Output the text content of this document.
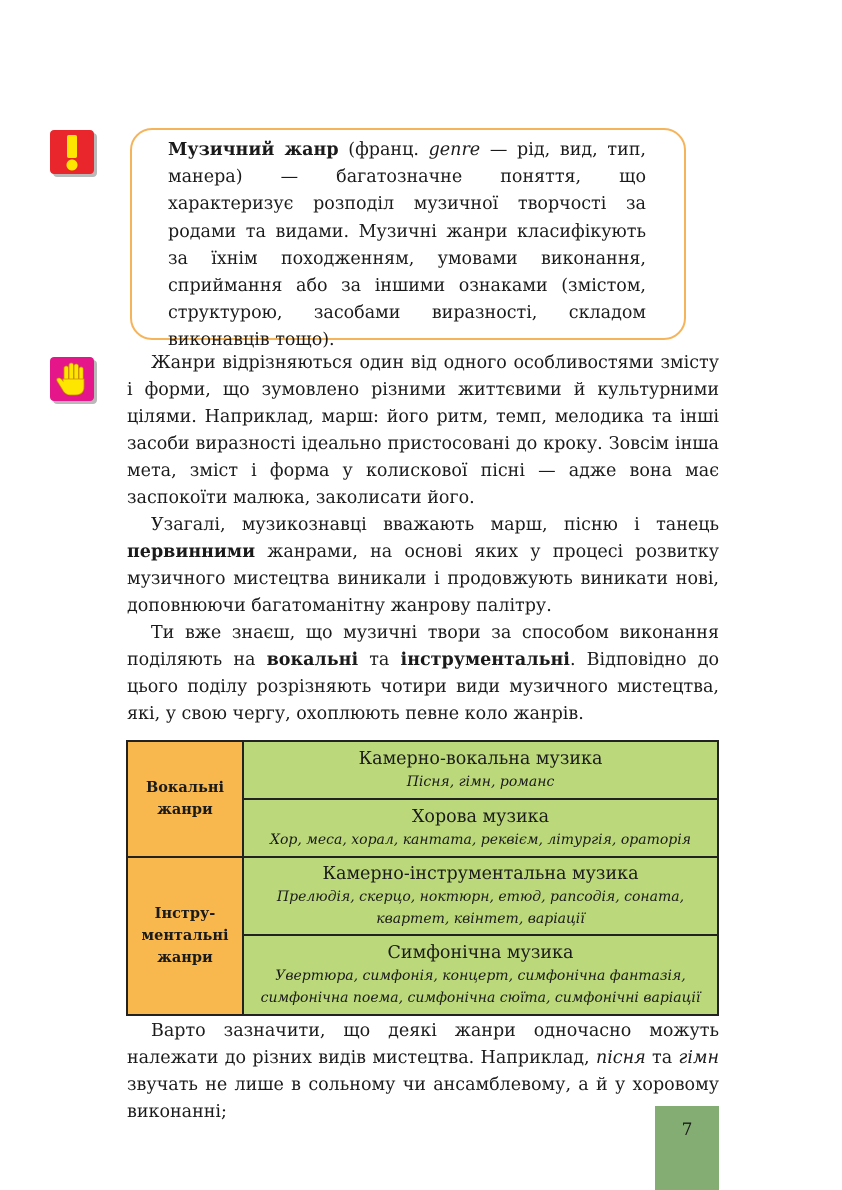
Музичний жанр (франц. genre — рід, вид, тип, манера) — багатозначне поняття, що характеризує розподіл музичної творчості за родами та видами. Музичні жанри класифікують за їхнім походженням, умовами виконання, сприймання або за іншими ознаками (змістом, структурою, засобами виразності, складом виконавців тощо).

Жанри відрізняються один від одного особливостями змісту і форми, що зумовлено різними життєвими й культурними цілями. Наприклад, марш: його ритм, темп, мелодика та інші засоби виразності ідеально пристосовані до кроку. Зовсім інша мета, зміст і форма у колискової пісні — адже вона має заспокоїти малюка, заколисати його.

Узагалі, музикознавці вважають марш, пісню і танець первинними жанрами, на основі яких у процесі розвитку музичного мистецтва виникали і продовжують виникати нові, доповнюючи багатоманітну жанрову палітру.

Ти вже знаєш, що музичні твори за способом виконання поділяють на вокальні та інструментальні. Відповідно до цього поділу розрізняють чотири види музичного мистецтва, які, у свою чергу, охоплюють певне коло жанрів.

Вокальні
жанри	Камерно-вокальна музика
Пісня, гімн, романс

	Хорова музика
Хор, меса, хорал, кантата, реквієм, літургія, ораторія

Інстру-
ментальні
жанри	Камерно-інструментальна музика
Прелюдія, скерцо, ноктюрн, етюд, рапсодія, соната, квартет, квінтет, варіації

	Симфонічна музика
Увертюра, симфонія, концерт, симфонічна фантазія, симфонічна поема, симфонічна сюїта, симфонічні варіації

Варто зазначити, що деякі жанри одночасно можуть належати до різних видів мистецтва. Наприклад, пісня та гімн звучать не лише в сольному чи ансамблевому, а й у хоровому виконанні;

7
